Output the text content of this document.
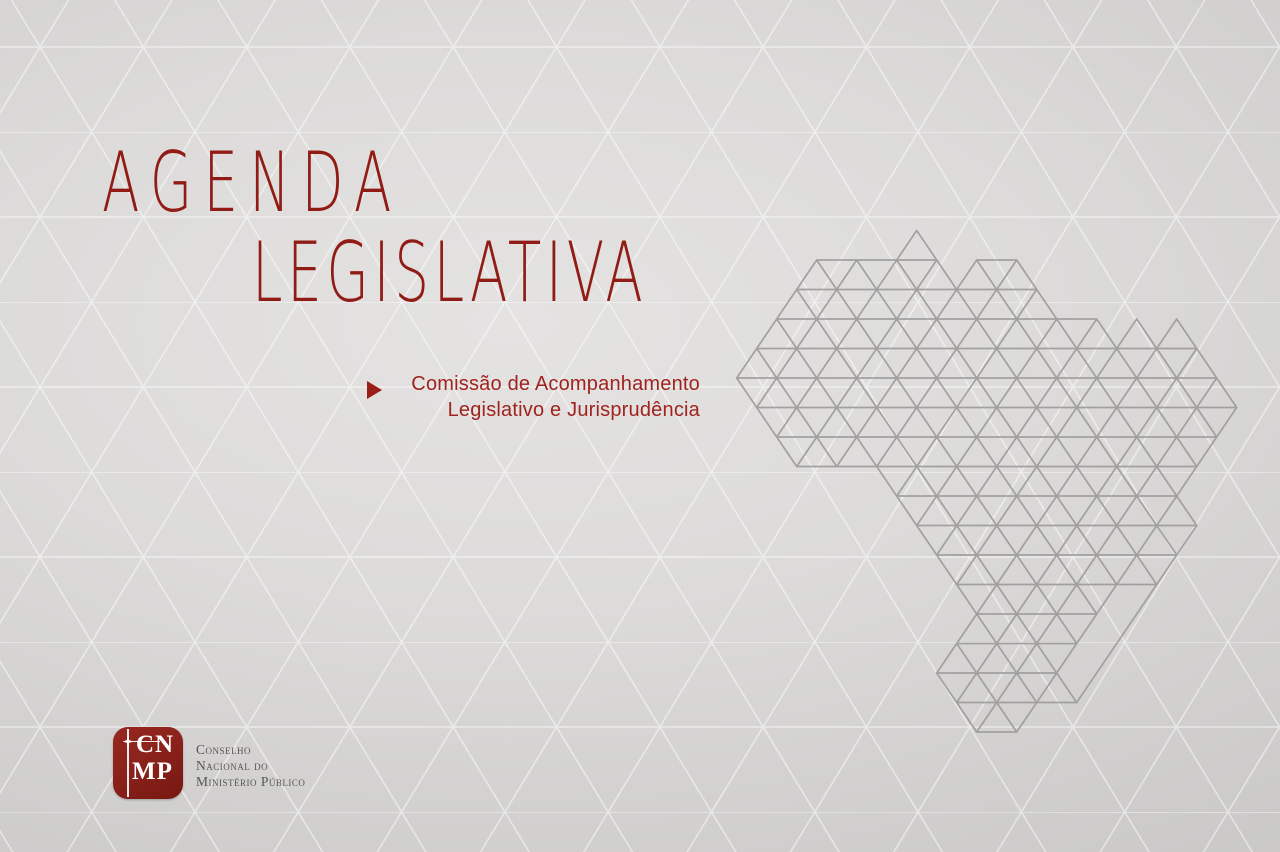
AGENDA
LEGISLATIVA
Comissão de Acompanhamento
Legislativo e Jurisprudência
CN
MP
Conselho
Nacional do
Ministério Público
